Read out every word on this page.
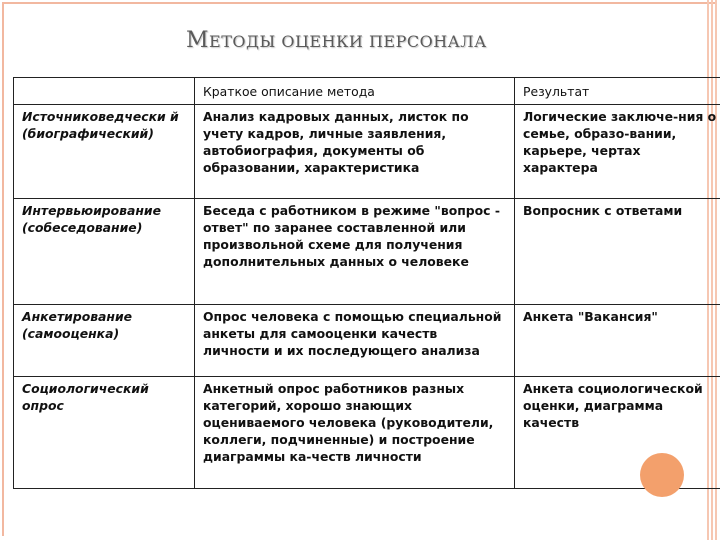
МЕТОДЫ ОЦЕНКИ ПЕРСОНАЛА
	Краткое описание метода	Результат
Источниковедчески й (биографический)	Анализ кадровых данных, листок по учету кадров, личные заявления, автобиография, документы об образовании, характеристика	Логические заключе-ния о семье, образо-вании, карьере, чертах характера
Интервьюирование (собеседование)	Беседа с работником в режиме "вопрос - ответ" по заранее составленной или произвольной схеме для получения дополнительных данных о человеке	Вопросник с ответами
Анкетирование (самооценка)	Опрос человека с помощью специальной анкеты для самооценки качеств личности и их последующего анализа	Анкета "Вакансия"
Социологический опрос	Анкетный опрос работников разных категорий, хорошо знающих оцениваемого человека (руководители, коллеги, подчиненные) и построение диаграммы ка-честв личности	Анкета социологической оценки, диаграмма качеств
